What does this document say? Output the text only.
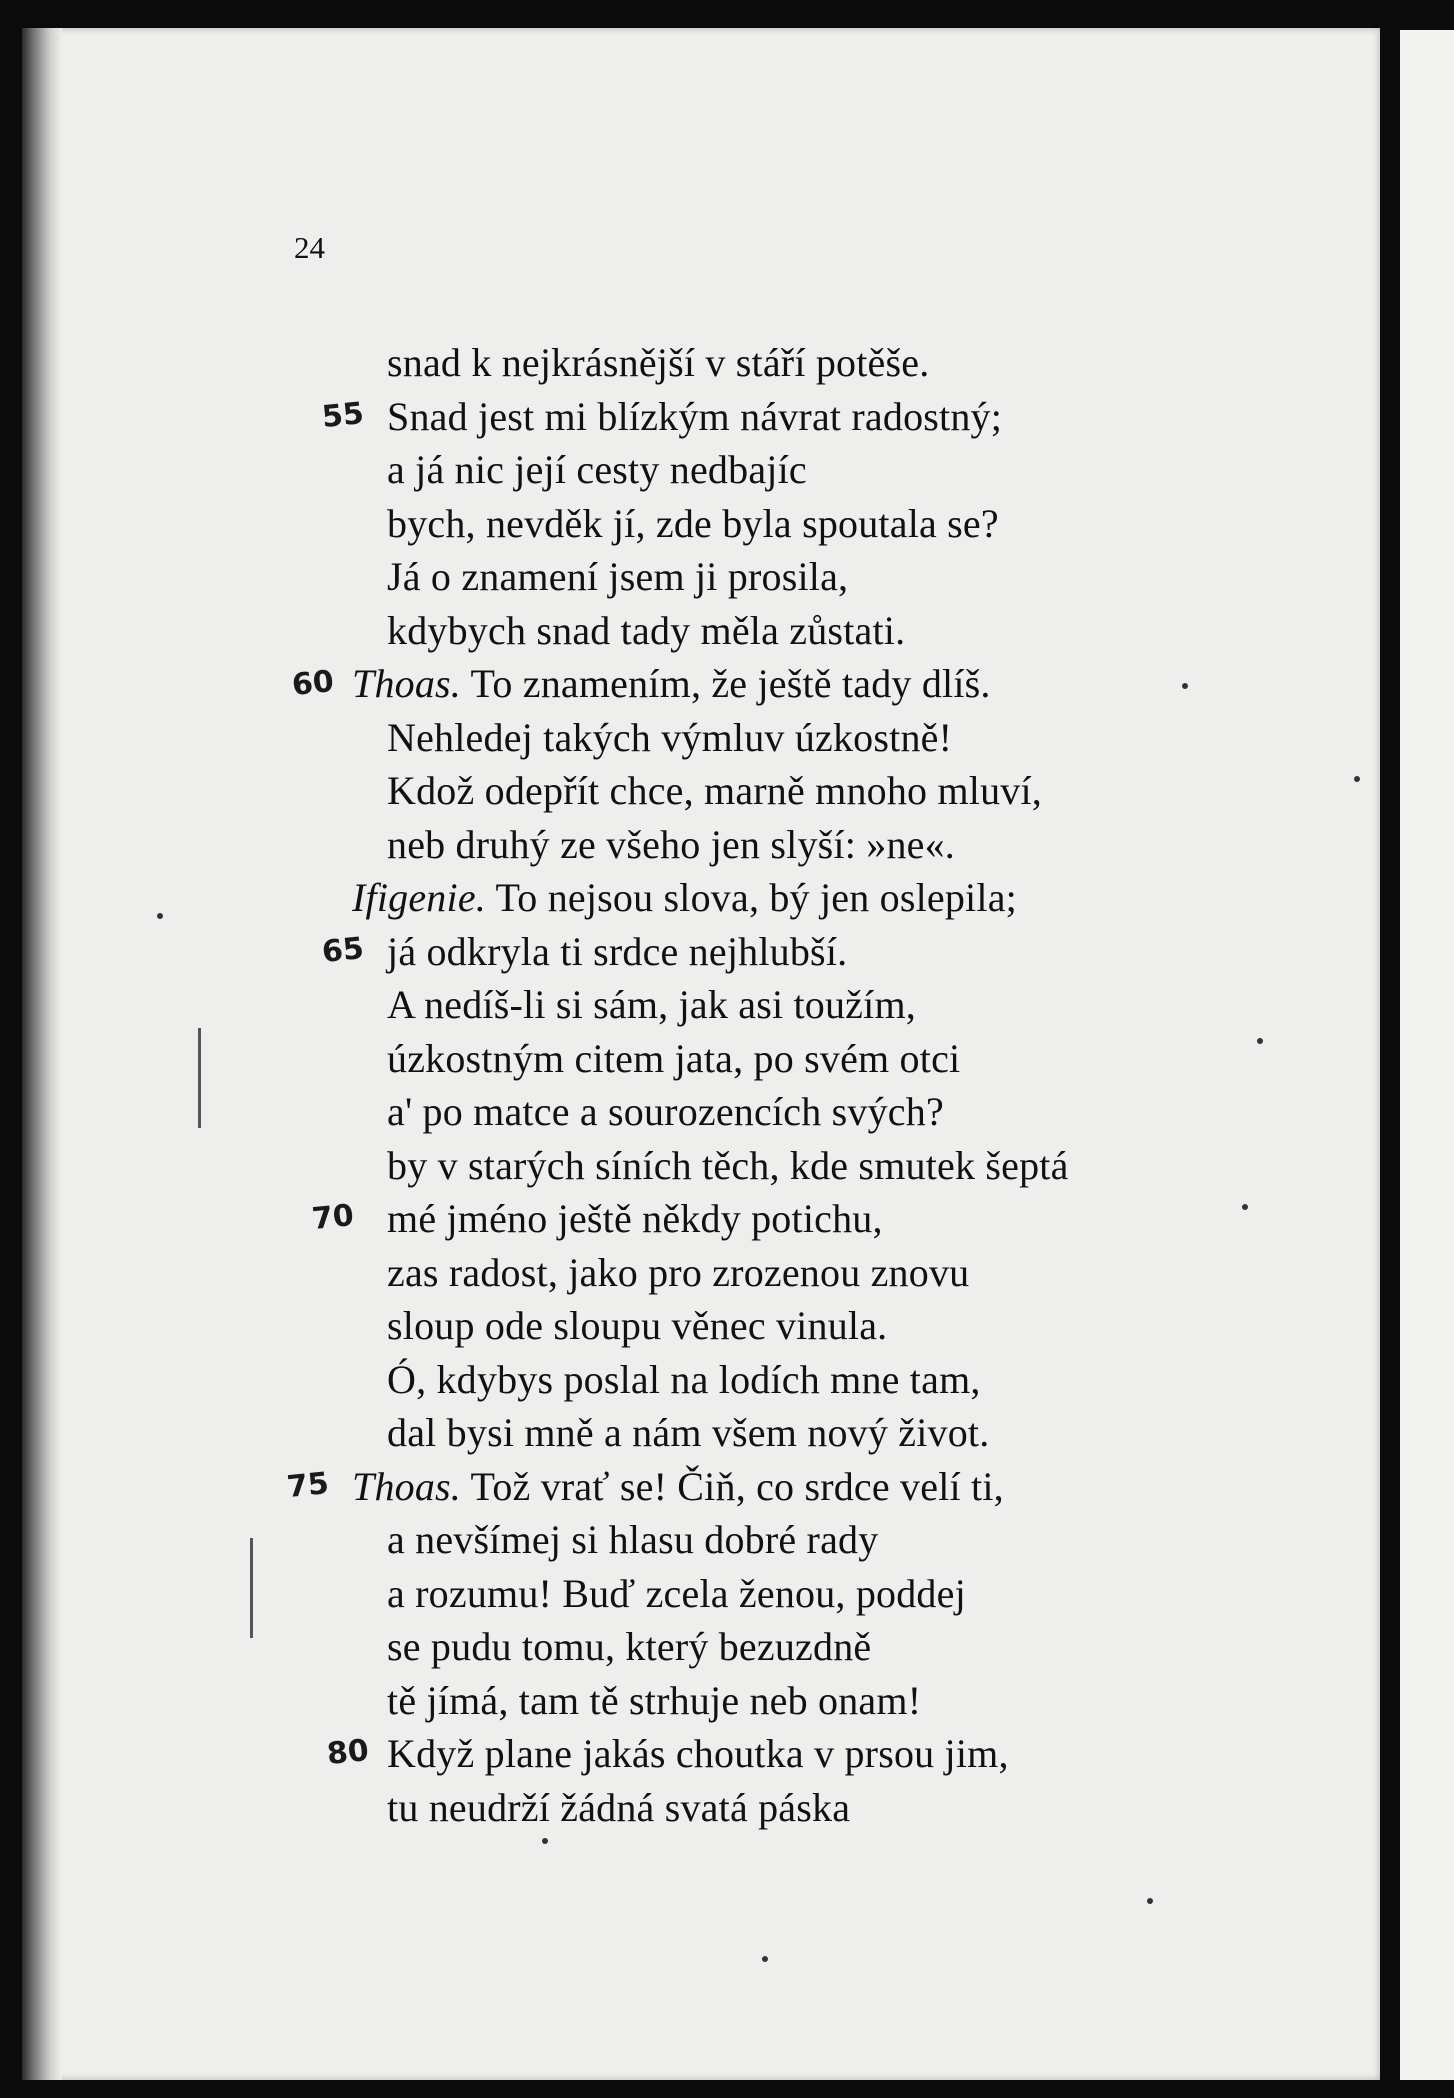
24
snad k nejkrásnější v stáří potěše.
Snad jest mi blízkým návrat radostný;
a já nic její cesty nedbajíc
bych, nevděk jí, zde byla spoutala se?
Já o znamení jsem ji prosila,
kdybych snad tady měla zůstati.
Thoas. To znamením, že ještě tady dlíš.
Nehledej takých výmluv úzkostně!
Kdož odepřít chce, marně mnoho mluví,
neb druhý ze všeho jen slyší: »ne«.
Ifigenie. To nejsou slova, bý jen oslepila;
já odkryla ti srdce nejhlubší.
A nedíš-li si sám, jak asi toužím,
úzkostným citem jata, po svém otci
a' po matce a sourozencích svých?
by v starých síních těch, kde smutek šeptá
mé jméno ještě někdy potichu,
zas radost, jako pro zrozenou znovu
sloup ode sloupu věnec vinula.
Ó, kdybys poslal na lodích mne tam,
dal bysi mně a nám všem nový život.
Thoas. Tož vrať se! Čiň, co srdce velí ti,
a nevšímej si hlasu dobré rady
a rozumu! Buď zcela ženou, poddej
se pudu tomu, který bezuzdně
tě jímá, tam tě strhuje neb onam!
Když plane jakás choutka v prsou jim,
tu neudrží žádná svatá páska
55
60
65
70
75
80
